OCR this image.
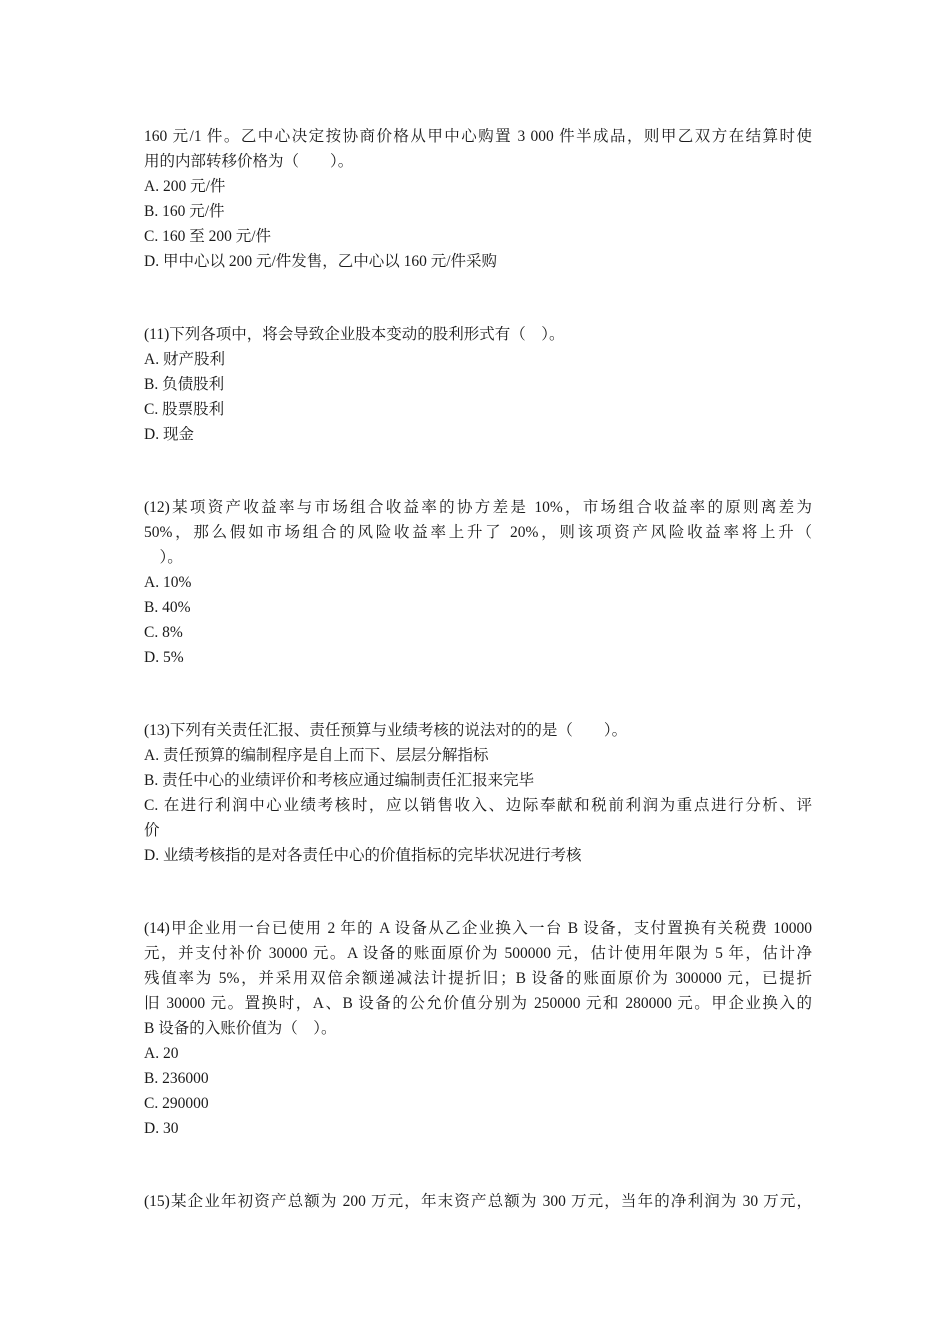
160 元/1 件。乙中心决定按协商价格从甲中心购置 3 000 件半成品，则甲乙双方在结算时使
用的内部转移价格为（　　）。
A. 200 元/件
B. 160 元/件
C. 160 至 200 元/件
D. 甲中心以 200 元/件发售，乙中心以 160 元/件采购
(11)下列各项中，将会导致企业股本变动的股利形式有（　）。
A. 财产股利
B. 负债股利
C. 股票股利
D. 现金
(12)某项资产收益率与市场组合收益率的协方差是 10%，市场组合收益率的原则离差为
50%，那么假如市场组合的风险收益率上升了 20%，则该项资产风险收益率将上升（
　）。
A. 10%
B. 40%
C. 8%
D. 5%
(13)下列有关责任汇报、责任预算与业绩考核的说法对的的是（　　）。
A. 责任预算的编制程序是自上而下、层层分解指标
B. 责任中心的业绩评价和考核应通过编制责任汇报来完毕
C. 在进行利润中心业绩考核时，应以销售收入、边际奉献和税前利润为重点进行分析、评
价
D. 业绩考核指的是对各责任中心的价值指标的完毕状况进行考核
(14)甲企业用一台已使用 2 年的 A 设备从乙企业换入一台 B 设备，支付置换有关税费 10000
元，并支付补价 30000 元。A 设备的账面原价为 500000 元，估计使用年限为 5 年，估计净
残值率为 5%，并采用双倍余额递减法计提折旧；B 设备的账面原价为 300000 元，已提折
旧 30000 元。置换时，A、B 设备的公允价值分别为 250000 元和 280000 元。甲企业换入的
B 设备的入账价值为（　）。
A. 20
B. 236000
C. 290000
D. 30
(15)某企业年初资产总额为 200 万元，年末资产总额为 300 万元，当年的净利润为 30 万元，
